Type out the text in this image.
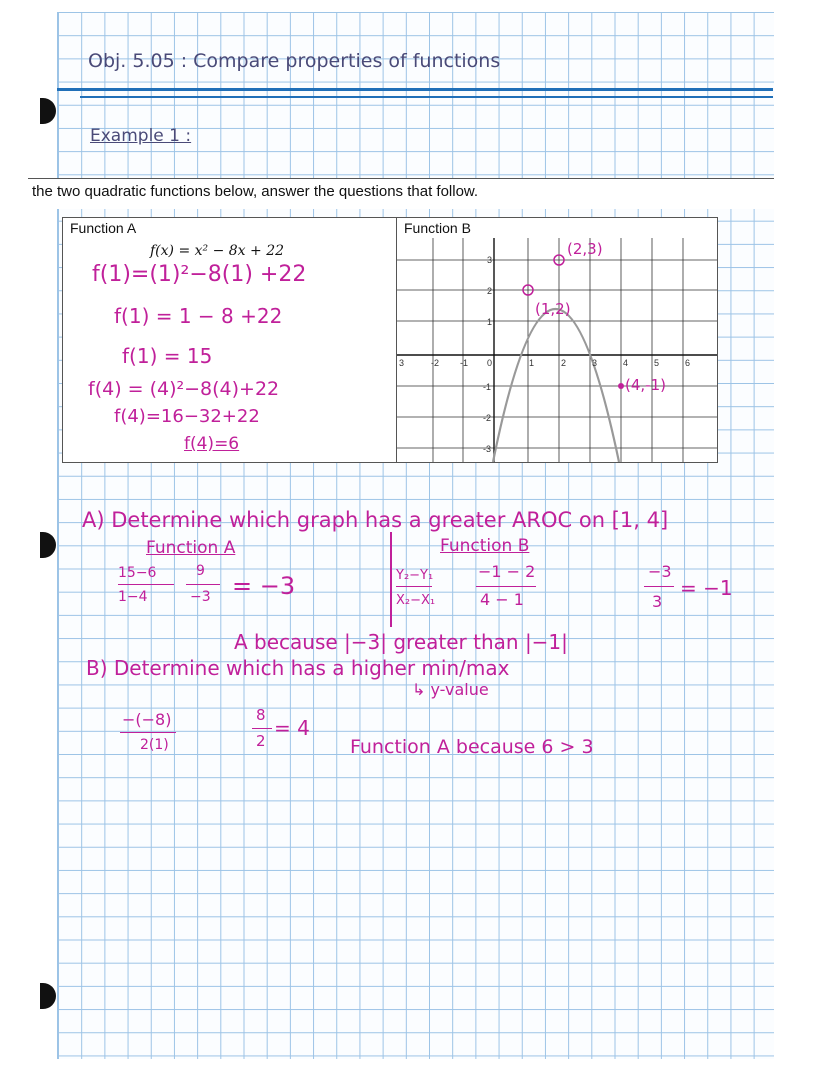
Obj. 5.05 : Compare properties of functions
Example 1 :
the two quadratic functions below, answer the questions that follow.
Function A
f(x) = x² − 8x + 22
f(1)=(1)²−8(1) +22
f(1) = 1 − 8 +22
f(1) = 15
f(4) = (4)²−8(4)+22
f(4)=16−32+22
f(4)=6
Function B
3	-2 -1 0	1	2	3	4	5	6
3
2
1
-1
-2
-3
(2,3)
(1,2)
(4,-1)
A) Determine which graph has a greater AROC on [1, 4]
Function A
15−6
1−4
9
−3 = −3
Function B
Y₂−Y₁
X₂−X₁
−1 − 2
4 − 1
−3
3
= −1
A because |−3| greater than |−1|
B) Determine which has a higher min/max
↳ y-value
−(−8)
2(1)
8
2
= 4
Function A because 6 > 3
